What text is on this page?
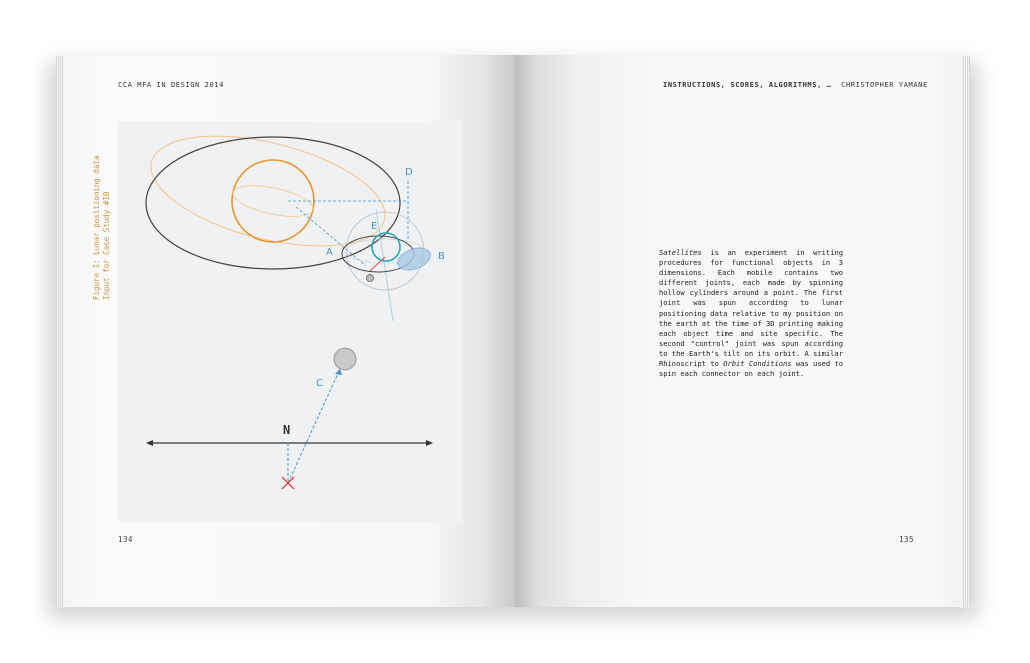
CCA MFA IN DESIGN 2014
Figure 1: Lunar positioning data Input for Case Study #10	A	B
D
E
C
N
134
INSTRUCTIONS, SCORES, ALGORITHMS, … CHRISTOPHER YAMANE
Satellites is an experiment in writing procedures for functional objects in 3 dimensions. Each mobile contains two different joints, each made by spinning hollow cylinders around a point. The first joint was spun according to lunar positioning data relative to my position on the earth at the time of 3D printing making each object time and site specific. The second "control" joint was spun according to the Earth's tilt on its orbit. A similar Rhinoscript to Orbit Conditions was used to spin each connector on each joint.
135
